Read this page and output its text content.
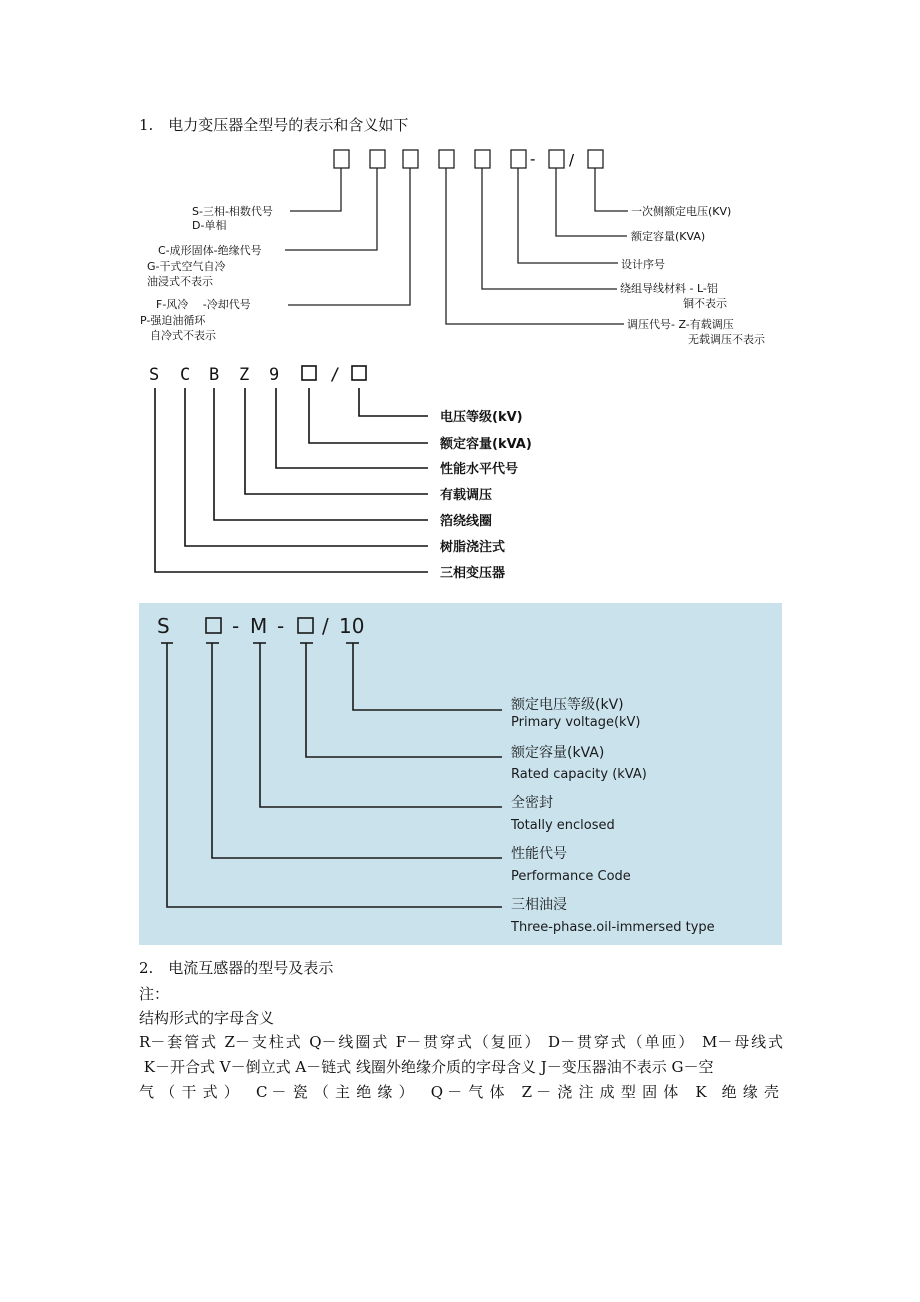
1.　电力变压器全型号的表示和含义如下
- /
S-三相-相数代号
D-单相
C-成形固体-绝缘代号
G-干式空气自冷
油浸式不表示
F-风冷　 -冷却代号
P-强迫油循环
自冷式不表示
一次侧额定电压(KV)
额定容量(KVA)
设计序号
绕组导线材料 - L-铝
铜不表示
调压代号- Z-有载调压
无载调压不表示
S C B Z 9	/
电压等级(kV)
额定容量(kVA)
性能水平代号
有载调压
箔绕线圈
树脂浇注式
三相变压器
S	- M - / 10
额定电压等级(kV)
Primary voltage(kV)
额定容量(kVA)
Rated capacity (kVA)
全密封
Totally enclosed
性能代号
Performance Code
三相油浸
Three-phase.oil-immersed type
2.　电流互感器的型号及表示
注：
结构形式的字母含义
R－套管式 Z－支柱式 Q－线圈式 F－贯穿式（复匝） D－贯穿式（单匝） M－母线式
K－开合式 V－倒立式 A－链式 线圈外绝缘介质的字母含义 J－变压器油不表示 G－空
气（干式） C－瓷（主绝缘） Q－气体 Z－浇注成型固体 K 绝缘壳
